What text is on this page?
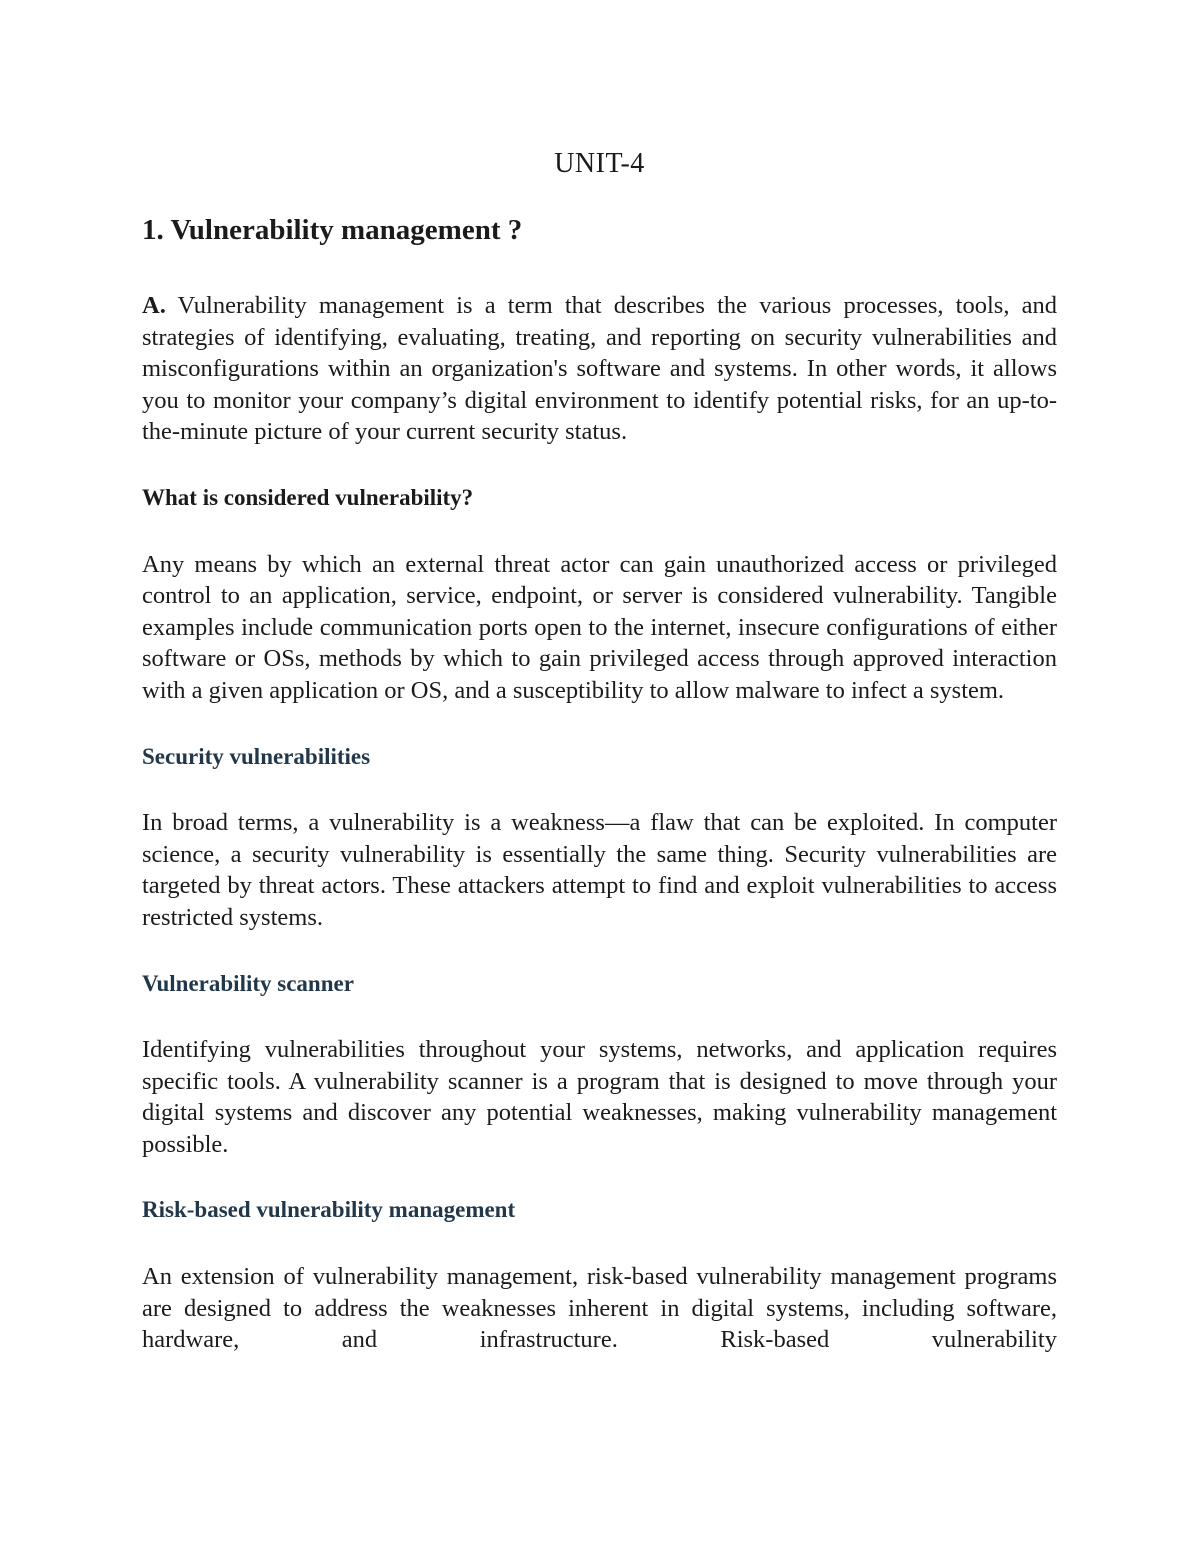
UNIT-4
1. Vulnerability management ?

A. Vulnerability management is a term that describes the various processes, tools, and strategies of identifying, evaluating, treating, and reporting on security vulnerabilities and misconfigurations within an organization's software and systems. In other words, it allows you to monitor your company’s digital environment to identify potential risks, for an up-to-the-minute picture of your current security status.

What is considered vulnerability?

Any means by which an external threat actor can gain unauthorized access or privileged control to an application, service, endpoint, or server is considered vulnerability. Tangible examples include communication ports open to the internet, insecure configurations of either software or OSs, methods by which to gain privileged access through approved interaction with a given application or OS, and a susceptibility to allow malware to infect a system.

Security vulnerabilities

In broad terms, a vulnerability is a weakness—a flaw that can be exploited. In computer science, a security vulnerability is essentially the same thing. Security vulnerabilities are targeted by threat actors. These attackers attempt to find and exploit vulnerabilities to access restricted systems.

Vulnerability scanner

Identifying vulnerabilities throughout your systems, networks, and application requires specific tools. A vulnerability scanner is a program that is designed to move through your digital systems and discover any potential weaknesses, making vulnerability management possible.

Risk-based vulnerability management

An extension of vulnerability management, risk-based vulnerability management programs are designed to address the weaknesses inherent in digital systems, including software, hardware, and infrastructure. Risk-based vulnerability
